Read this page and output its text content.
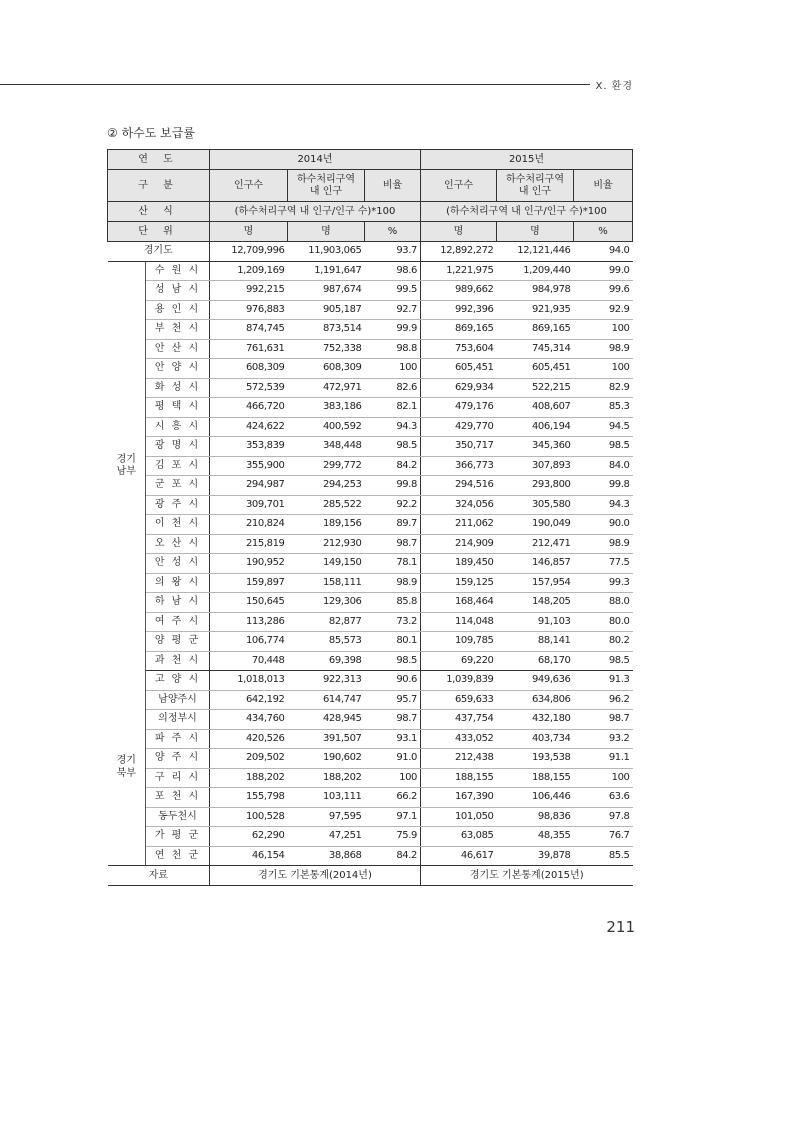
Ⅹ. 환경
② 하수도 보급률
연 도		2014년			2015년		
구 분		인구수	하수처리구역 내 인구	비율	인구수	하수처리구역 내 인구	비율
산 식		(하수처리구역 내 인구/인구 수)*100			(하수처리구역 내 인구/인구 수)*100		
단 위		명	명	%	명	명	%
경기도		12,709,996	11,903,065	93.7	12,892,272	12,121,446	94.0
경기 남부	수 원 시	1,209,169	1,191,647	98.6	1,221,975	1,209,440	99.0
	성 남 시	992,215	987,674	99.5	989,662	984,978	99.6
	용 인 시	976,883	905,187	92.7	992,396	921,935	92.9
	부 천 시	874,745	873,514	99.9	869,165	869,165	100
	안 산 시	761,631	752,338	98.8	753,604	745,314	98.9
	안 양 시	608,309	608,309	100	605,451	605,451	100
	화 성 시	572,539	472,971	82.6	629,934	522,215	82.9
	평 택 시	466,720	383,186	82.1	479,176	408,607	85.3
	시 흥 시	424,622	400,592	94.3	429,770	406,194	94.5
	광 명 시	353,839	348,448	98.5	350,717	345,360	98.5
	김 포 시	355,900	299,772	84.2	366,773	307,893	84.0
	군 포 시	294,987	294,253	99.8	294,516	293,800	99.8
	광 주 시	309,701	285,522	92.2	324,056	305,580	94.3
	이 천 시	210,824	189,156	89.7	211,062	190,049	90.0
	오 산 시	215,819	212,930	98.7	214,909	212,471	98.9
	안 성 시	190,952	149,150	78.1	189,450	146,857	77.5
	의 왕 시	159,897	158,111	98.9	159,125	157,954	99.3
	하 남 시	150,645	129,306	85.8	168,464	148,205	88.0
	여 주 시	113,286	82,877	73.2	114,048	91,103	80.0
	양 평 군	106,774	85,573	80.1	109,785	88,141	80.2
	과 천 시	70,448	69,398	98.5	69,220	68,170	98.5
경기 북부	고 양 시	1,018,013	922,313	90.6	1,039,839	949,636	91.3
	남양주시	642,192	614,747	95.7	659,633	634,806	96.2
	의정부시	434,760	428,945	98.7	437,754	432,180	98.7
	파 주 시	420,526	391,507	93.1	433,052	403,734	93.2
	양 주 시	209,502	190,602	91.0	212,438	193,538	91.1
	구 리 시	188,202	188,202	100	188,155	188,155	100
	포 천 시	155,798	103,111	66.2	167,390	106,446	63.6
	동두천시	100,528	97,595	97.1	101,050	98,836	97.8
	가 평 군	62,290	47,251	75.9	63,085	48,355	76.7
	연 천 군	46,154	38,868	84.2	46,617	39,878	85.5
자료		경기도 기본통계(2014년)			경기도 기본통계(2015년)		
211
